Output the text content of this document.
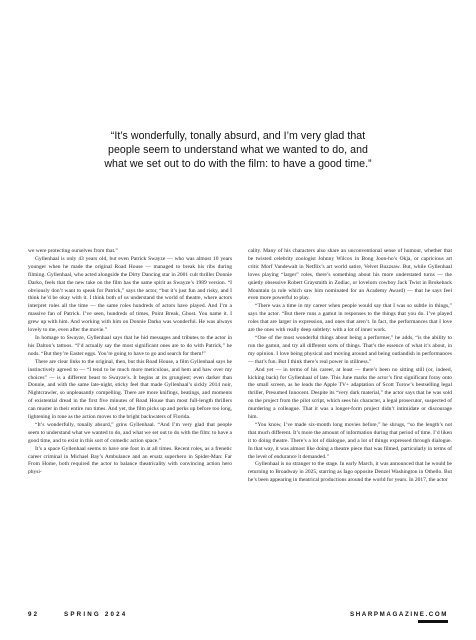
“It’s wonderfully, tonally absurd, and I’m very glad that
people seem to understand what we wanted to do, and
what we set out to do with the film: to have a good time.”

we were protecting ourselves from that.”

Gyllenhaal is only 43 years old, but even Patrick Swayze — who was almost 10 years younger when he made the original Road House — managed to break his ribs during filming. Gyllenhaal, who acted alongside the Dirty Dancing star in 2001 cult thriller Donnie Darko, feels that the new take on the film has the same spirit as Swayze’s 1989 version. “I obviously don’t want to speak for Patrick,” says the actor, “but it’s just fun and risky, and I think he’d be okay with it. I think both of us understand the world of theatre, where actors interpret roles all the time — the same roles hundreds of actors have played. And I’m a massive fan of Patrick. I’ve seen, hundreds of times, Point Break, Ghost. You name it. I grew up with him. And working with him on Donnie Darko was wonderful. He was always lovely to me, even after the movie.”

In homage to Swayze, Gyllenhaal says that he hid messages and tributes to the actor in his Dalton’s tattoos. “I’d actually say the most significant ones are to do with Patrick,” he nods. “But they’re Easter eggs. You’re going to have to go and search for them!”

There are clear links to the original, then, but this Road House, a film Gyllenhaal says he instinctively agreed to — “I tend to be much more meticulous, and hem and haw over my choices” — is a different beast to Swayze’s. It begins at its grungiest; even darker than Donnie, and with the same late-night, sticky feel that made Gyllenhaal’s sickly 2014 noir, Nightcrawler, so unpleasantly compelling. There are more knifings, beatings, and moments of existential dread in the first five minutes of Road House than most full-length thrillers can muster in their entire run times. And yet, the film picks up and perks up before too long, lightening in tone as the action moves to the bright backwaters of Florida.

“It’s wonderfully, tonally absurd,” grins Gyllenhaal. “And I’m very glad that people seem to understand what we wanted to do, and what we set out to do with the film: to have a good time, and to exist in this sort of comedic action space.”

It’s a space Gyllenhaal seems to have one foot in at all times. Recent roles, as a frenetic career criminal in Michael Bay’s Ambulance and an ersatz superhero in Spider-Man: Far From Home, both required the actor to balance theatricality with convincing action hero physi-

cality. Many of his characters also share an unconventional sense of humour, whether that be twisted celebrity zoologist Johnny Wilcox in Bong Joon-ho’s Okja, or capricious art critic Morf Vandewalt in Netflix’s art world satire, Velvet Buzzsaw. But, while Gyllenhaal loves playing “larger” roles, there’s something about his more understated turns — the quietly obsessive Robert Graysmith in Zodiac, or lovelorn cowboy Jack Twist in Brokeback Mountain (a role which saw him nominated for an Academy Award) — that he says feel even more powerful to play.

“There was a time in my career when people would say that I was so subtle in things,” says the actor. “But there runs a gamut in responses to the things that you do. I’ve played roles that are larger in expression, and ones that aren’t. In fact, the performances that I love are the ones with really deep subtlety: with a lot of inner work.

“One of the most wonderful things about being a performer,” he adds, “is the ability to run the gamut, and try all different sorts of things. That’s the essence of what it’s about, in my opinion. I love being physical and moving around and being outlandish in performances — that’s fun. But I think there’s real power in stillness.”

And yet — in terms of his career, at least — there’s been no sitting still (or, indeed, kicking back) for Gyllenhaal of late. This June marks the actor’s first significant foray onto the small screen, as he leads the Apple TV+ adaptation of Scott Turow’s bestselling legal thriller, Presumed Innocent. Despite its “very dark material,” the actor says that he was sold on the project from the pilot script, which sees his character, a legal prosecutor, suspected of murdering a colleague. That it was a longer-form project didn’t intimidate or discourage him.

“You know, I’ve made six-month long movies before,” he shrugs, “so the length’s not that much different. It’s more the amount of information during that period of time. I’d liken it to doing theatre. There’s a lot of dialogue, and a lot of things expressed through dialogue. In that way, it was almost like doing a theatre piece that was filmed, particularly in terms of the level of endurance it demanded.”

Gyllenhaal is no stranger to the stage. In early March, it was announced that he would be returning to Broadway in 2025, starring as Iago opposite Denzel Washington in Othello. But he’s been appearing in theatrical productions around the world for years. In 2017, the actor

92	SPRING 2024	SHARPMAGAZINE.COM
